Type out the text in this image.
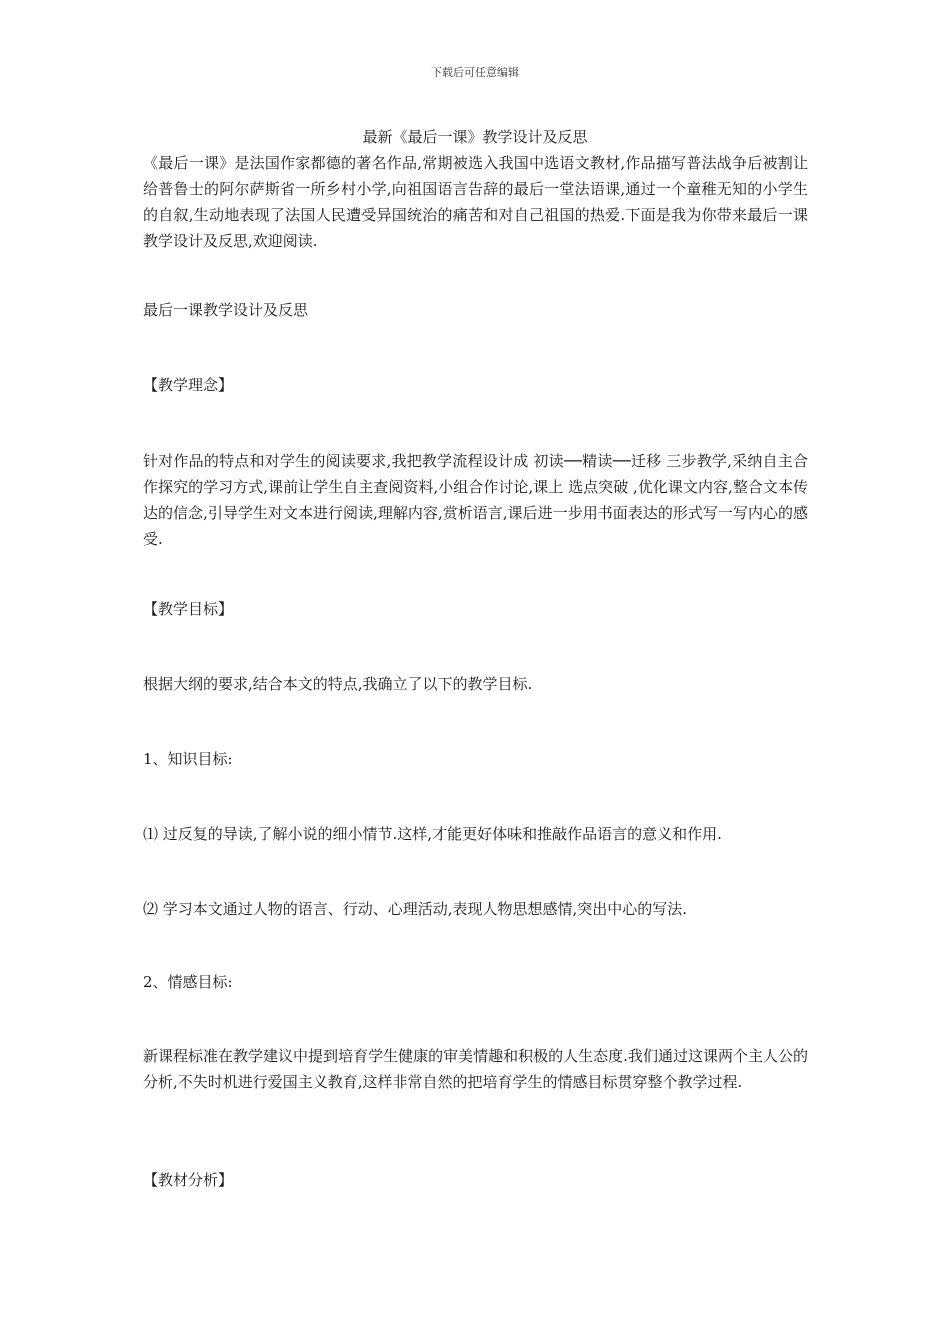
下载后可任意编辑
最新《最后一课》教学设计及反思

《最后一课》是法国作家都德的著名作品,常期被选入我国中选语文教材,作品描写普法战争后被割让给普鲁士的阿尔萨斯省一所乡村小学,向祖国语言告辞的最后一堂法语课,通过一个童稚无知的小学生的自叙,生动地表现了法国人民遭受异国统治的痛苦和对自己祖国的热爱.下面是我为你带来最后一课教学设计及反思,欢迎阅读.

最后一课教学设计及反思

【教学理念】

针对作品的特点和对学生的阅读要求,我把教学流程设计成 初读──精读──迁移 三步教学,采纳自主合作探究的学习方式,课前让学生自主查阅资料,小组合作讨论,课上 选点突破 ,优化课文内容,整合文本传达的信念,引导学生对文本进行阅读,理解内容,赏析语言,课后进一步用书面表达的形式写一写内心的感受.

【教学目标】

根据大纲的要求,结合本文的特点,我确立了以下的教学目标.

1、知识目标:

⑴ 过反复的导读,了解小说的细小情节.这样,才能更好体味和推敲作品语言的意义和作用.

⑵ 学习本文通过人物的语言、行动、心理活动,表现人物思想感情,突出中心的写法.

2、情感目标:

新课程标准在教学建议中提到培育学生健康的审美情趣和积极的人生态度.我们通过这课两个主人公的分析,不失时机进行爱国主义教育,这样非常自然的把培育学生的情感目标贯穿整个教学过程.

【教材分析】
